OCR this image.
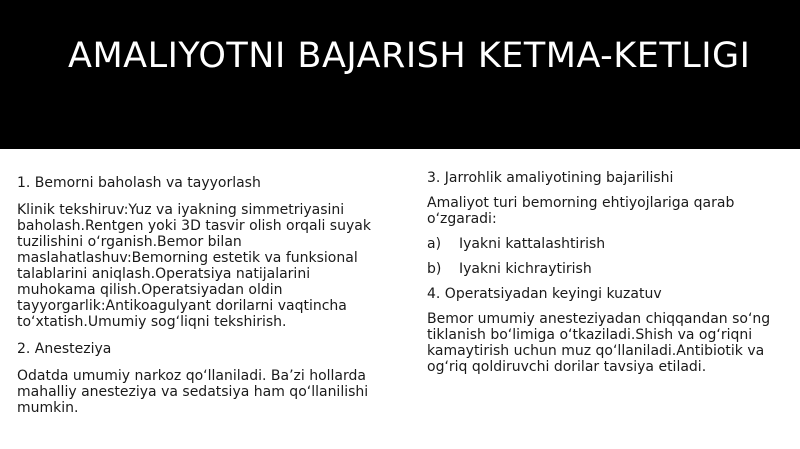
AMALIYOTNI BAJARISH KETMA-KETLIGI

1. Bemorni baholash va tayyorlash

Klinik tekshiruv:Yuz va iyakning simmetriyasini baholash.Rentgen yoki 3D tasvir olish orqali suyak tuzilishini o‘rganish.Bemor bilan maslahatlashuv:Bemorning estetik va funksional talablarini aniqlash.Operatsiya natijalarini muhokama qilish.Operatsiyadan oldin tayyorgarlik:Antikoagulyant dorilarni vaqtincha to‘xtatish.Umumiy sog‘liqni tekshirish.

2. Anesteziya

Odatda umumiy narkoz qo‘llaniladi. Ba’zi hollarda mahalliy anesteziya va sedatsiya ham qo‘llanilishi mumkin.

3. Jarrohlik amaliyotining bajarilishi

Amaliyot turi bemorning ehtiyojlariga qarab o‘zgaradi:

a)	Iyakni kattalashtirish
b)	Iyakni kichraytirish

4. Operatsiyadan keyingi kuzatuv

Bemor umumiy anesteziyadan chiqqandan so‘ng tiklanish bo‘limiga o‘tkaziladi.Shish va og‘riqni kamaytirish uchun muz qo‘llaniladi.Antibiotik va og‘riq qoldiruvchi dorilar tavsiya etiladi.
